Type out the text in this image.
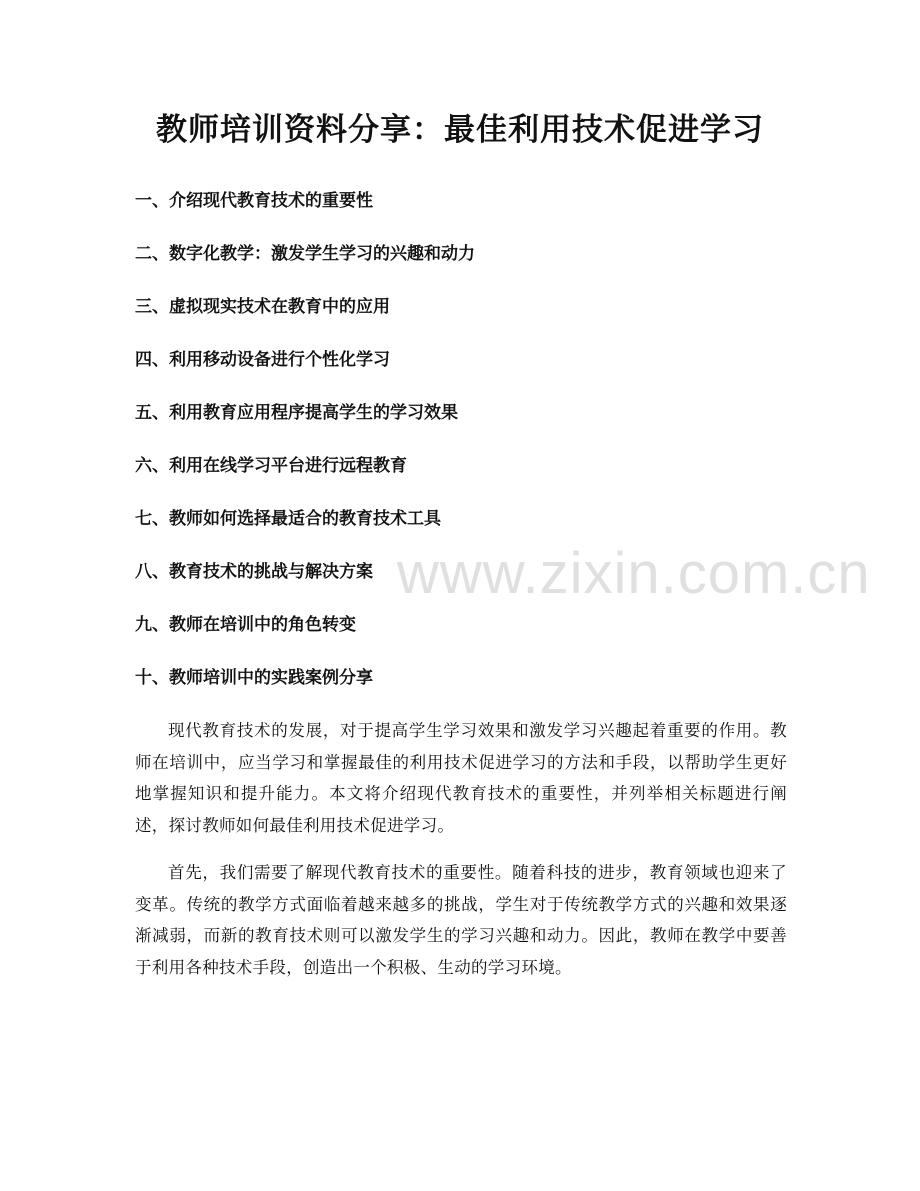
教师培训资料分享：最佳利用技术促进学习
一、介绍现代教育技术的重要性
二、数字化教学：激发学生学习的兴趣和动力
三、虚拟现实技术在教育中的应用
四、利用移动设备进行个性化学习
五、利用教育应用程序提高学生的学习效果
六、利用在线学习平台进行远程教育
七、教师如何选择最适合的教育技术工具
八、教育技术的挑战与解决方案
九、教师在培训中的角色转变
十、教师培训中的实践案例分享

现代教育技术的发展，对于提高学生学习效果和激发学习兴趣起着重要的作用。教师在培训中，应当学习和掌握最佳的利用技术促进学习的方法和手段，以帮助学生更好地掌握知识和提升能力。本文将介绍现代教育技术的重要性，并列举相关标题进行阐述，探讨教师如何最佳利用技术促进学习。

首先，我们需要了解现代教育技术的重要性。随着科技的进步，教育领域也迎来了变革。传统的教学方式面临着越来越多的挑战，学生对于传统教学方式的兴趣和效果逐渐减弱，而新的教育技术则可以激发学生的学习兴趣和动力。因此，教师在教学中要善于利用各种技术手段，创造出一个积极、生动的学习环境。

www.zixin.com.cn
